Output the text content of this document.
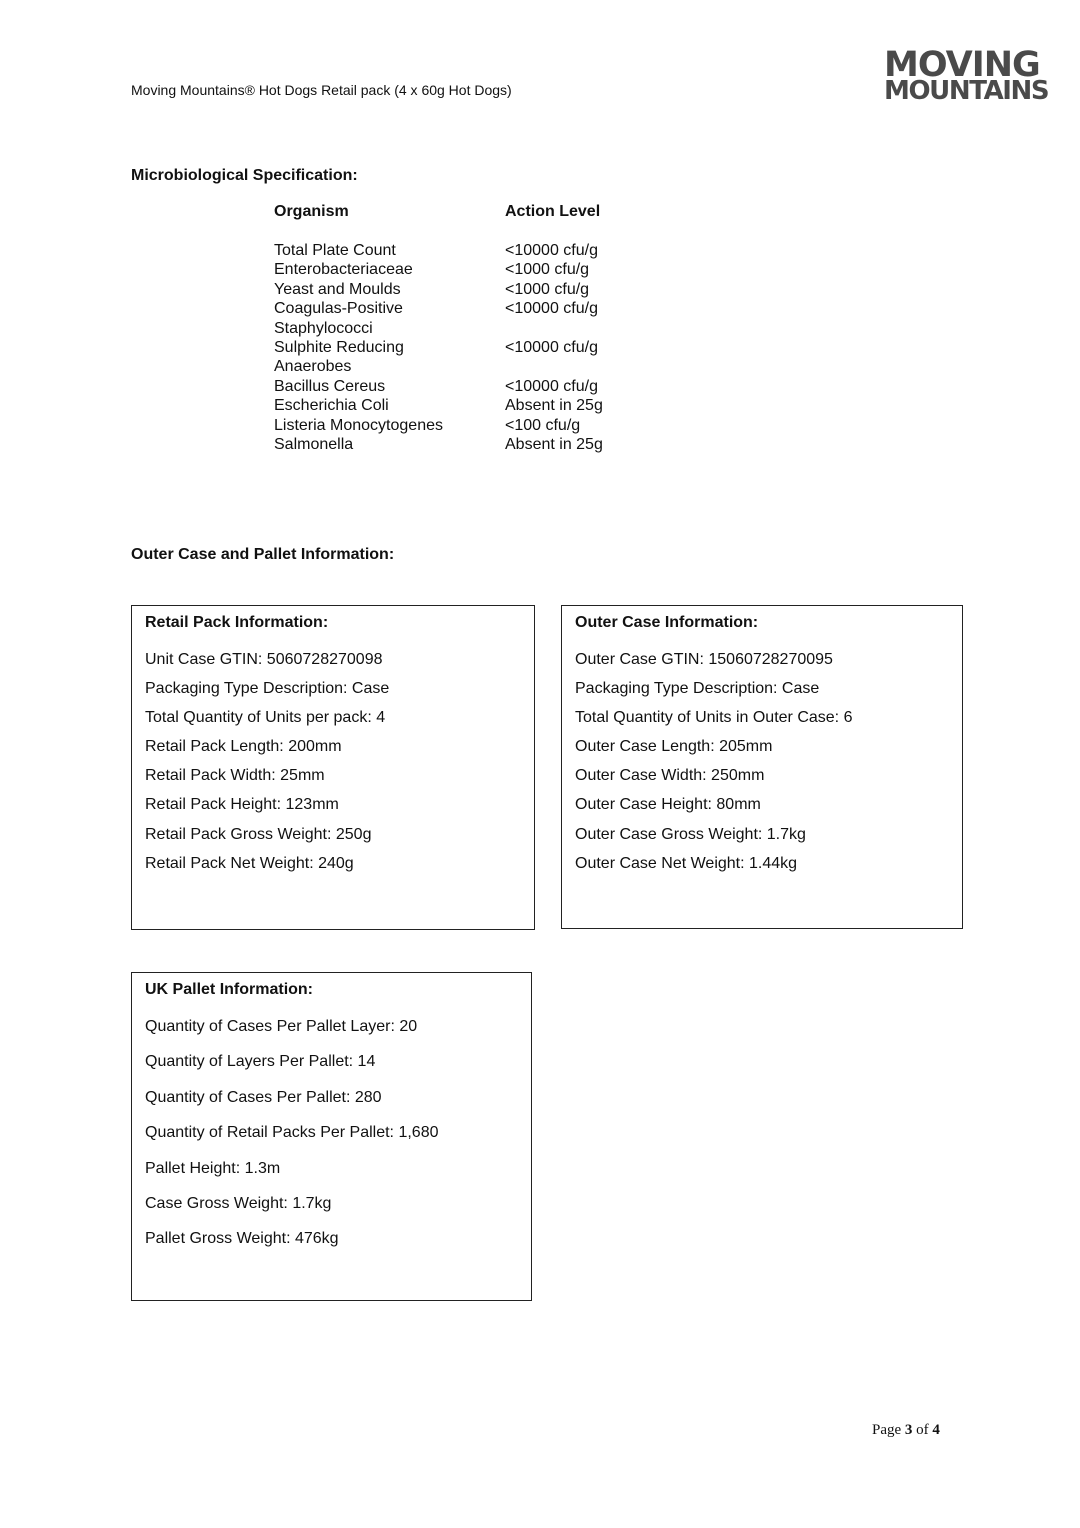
Moving Mountains® Hot Dogs Retail pack (4 x 60g Hot Dogs)
MOVING
MOUNTAINS
Microbiological Specification:
Organism	Action Level
Total Plate Count	<10000 cfu/g
Enterobacteriaceae	<1000 cfu/g
Yeast and Moulds	<1000 cfu/g
Coagulas-Positive	<10000 cfu/g
Staphylococci
Sulphite Reducing	<10000 cfu/g
Anaerobes
Bacillus Cereus	<10000 cfu/g
Escherichia Coli	Absent in 25g
Listeria Monocytogenes	<100 cfu/g
Salmonella	Absent in 25g
Outer Case and Pallet Information:
Retail Pack Information:
Unit Case GTIN: 5060728270098
Packaging Type Description: Case
Total Quantity of Units per pack: 4
Retail Pack Length: 200mm
Retail Pack Width: 25mm
Retail Pack Height: 123mm
Retail Pack Gross Weight: 250g
Retail Pack Net Weight: 240g
Outer Case Information:
Outer Case GTIN: 15060728270095
Packaging Type Description: Case
Total Quantity of Units in Outer Case: 6
Outer Case Length: 205mm
Outer Case Width: 250mm
Outer Case Height: 80mm
Outer Case Gross Weight: 1.7kg
Outer Case Net Weight: 1.44kg
UK Pallet Information:
Quantity of Cases Per Pallet Layer: 20
Quantity of Layers Per Pallet: 14
Quantity of Cases Per Pallet: 280
Quantity of Retail Packs Per Pallet: 1,680
Pallet Height: 1.3m
Case Gross Weight: 1.7kg
Pallet Gross Weight: 476kg
Page 3 of 4
